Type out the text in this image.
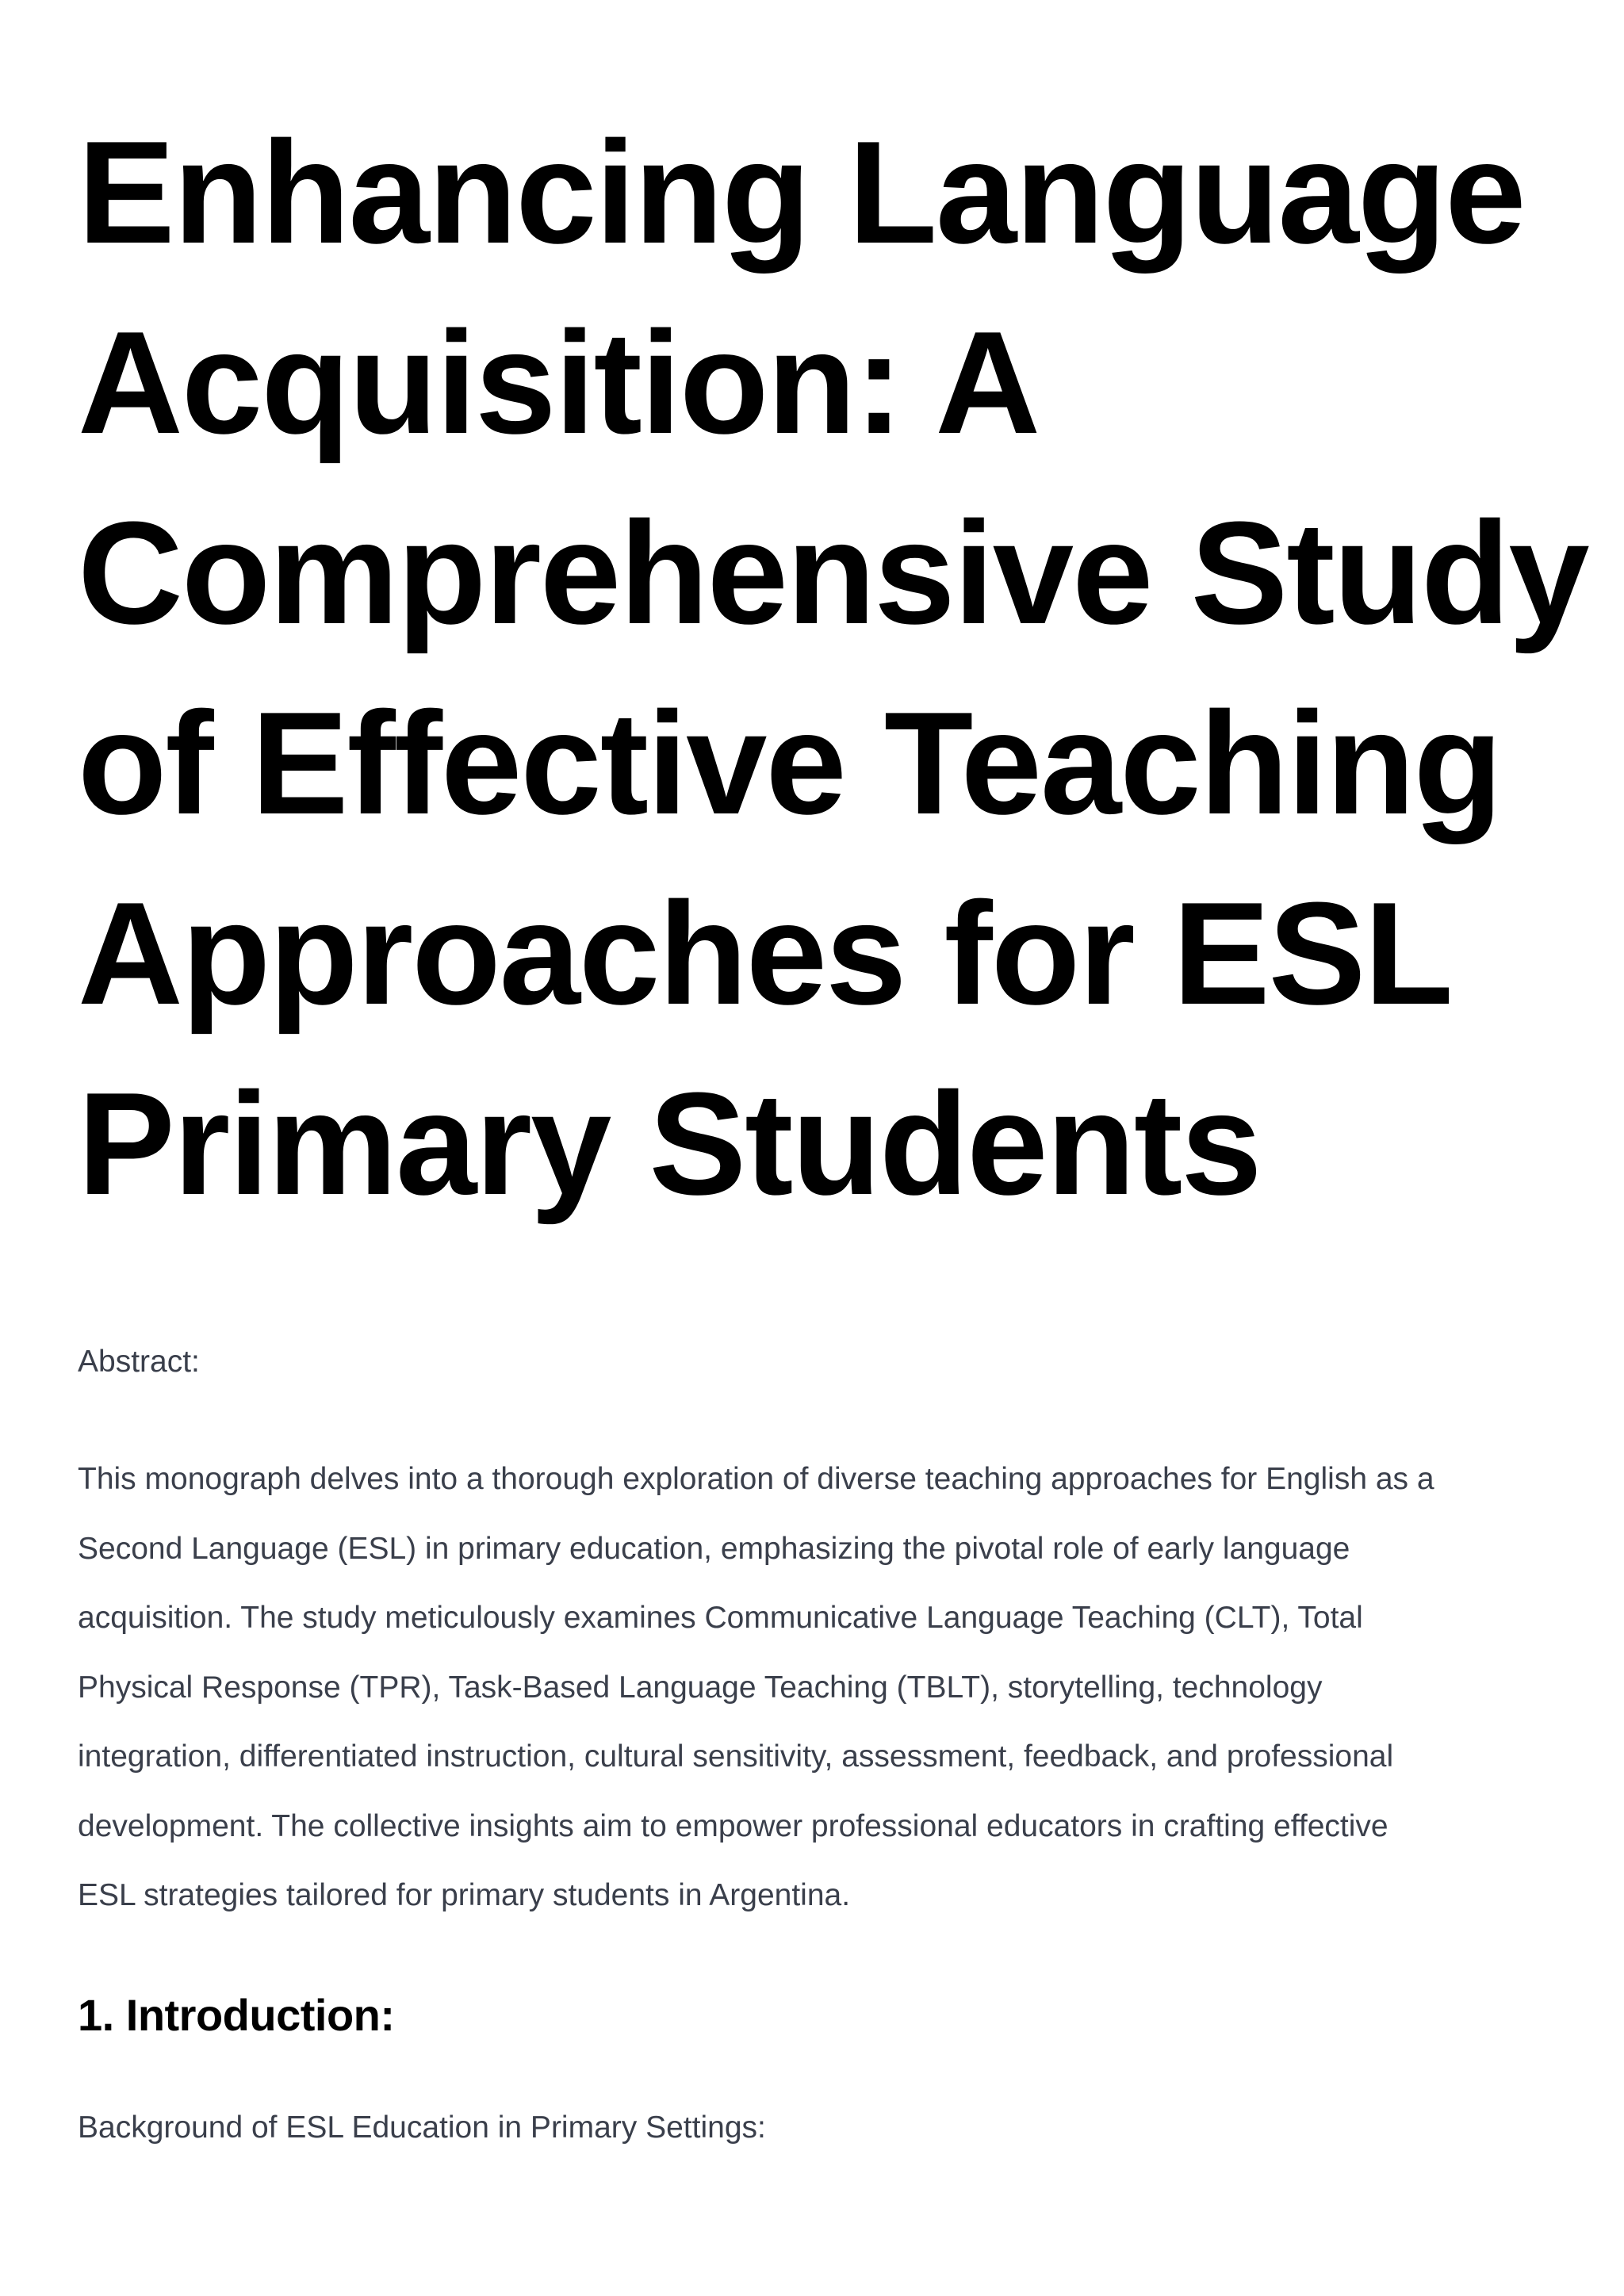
Enhancing Language
Acquisition: A
Comprehensive Study
of Effective Teaching
Approaches for ESL
Primary Students

Abstract:

This monograph delves into a thorough exploration of diverse teaching approaches for English as a
Second Language (ESL) in primary education, emphasizing the pivotal role of early language
acquisition. The study meticulously examines Communicative Language Teaching (CLT), Total
Physical Response (TPR), Task-Based Language Teaching (TBLT), storytelling, technology
integration, differentiated instruction, cultural sensitivity, assessment, feedback, and professional
development. The collective insights aim to empower professional educators in crafting effective
ESL strategies tailored for primary students in Argentina.

1. Introduction:

Background of ESL Education in Primary Settings:
